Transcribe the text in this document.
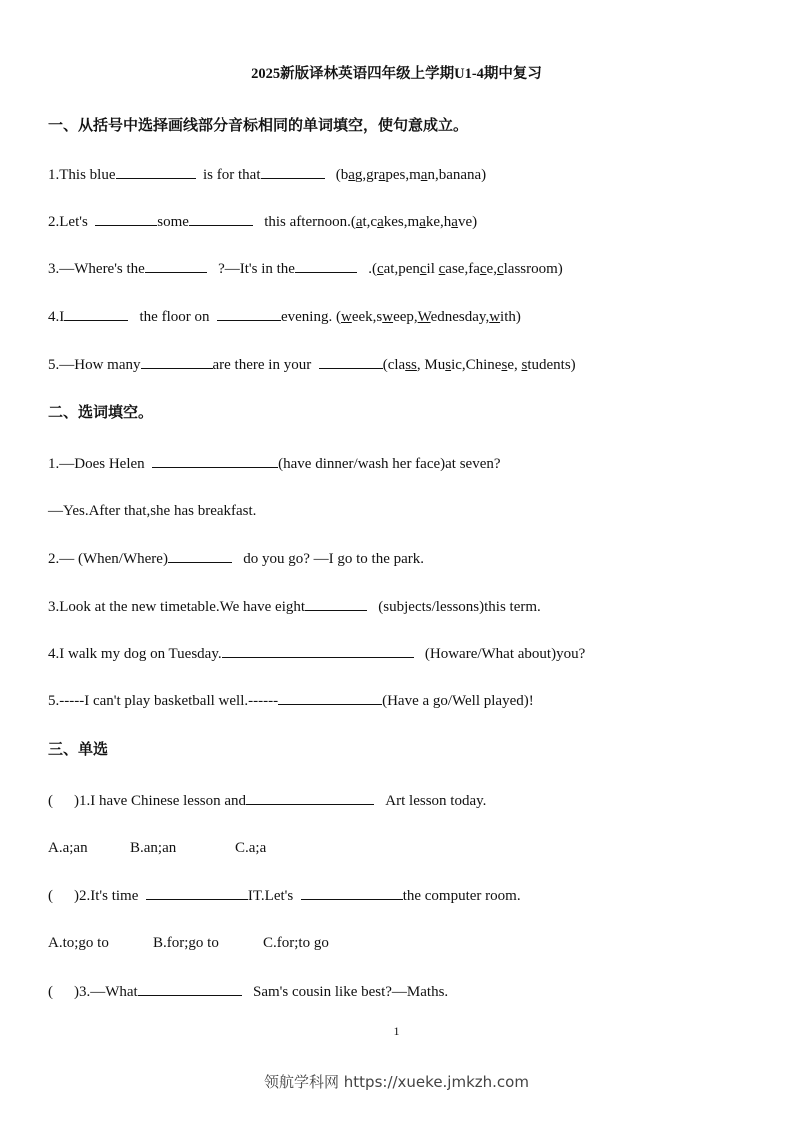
2025新版译林英语四年级上学期U1-4期中复习
一、从括号中选择画线部分音标相同的单词填空，使句意成立。
1.This blue	is for that	(bag,grapes,man,banana)
2.Let's	some	this afternoon.(at,cakes,make,have)
3.—Where's the	?—It's in the	.(cat,pencil case,face,classroom)
4.I	the floor on	evening. (week,sweep,Wednesday,with)
5.—How many	are there in your	(class, Music,Chinese, students)
二、选词填空。
1.—Does Helen	(have dinner/wash her face)at seven?
—Yes.After that,she has breakfast.
2.— (When/Where)	do you go? —I go to the park.
3.Look at the new timetable.We have eight	(subjects/lessons)this term.
4.I walk my dog on Tuesday.	(Howare/What about)you?
5.-----I can't play basketball well.------	(Have a go/Well played)!
三、单选
( )1.I have Chinese lesson and	Art lesson today.
A.a;an	B.an;an	C.a;a
( )2.It's time	IT.Let's	the computer room.
A.to;go to	B.for;go to	C.for;to go
( )3.—What	Sam's cousin like best?—Maths.
1
领航学科网 https://xueke.jmkzh.com
